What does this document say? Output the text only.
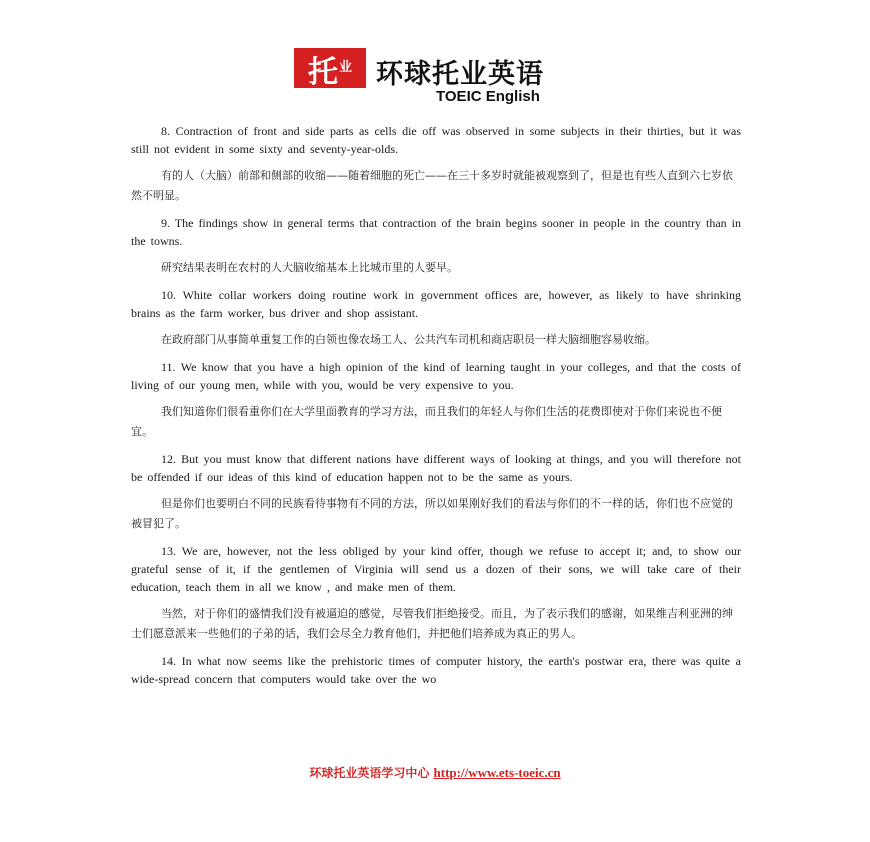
托$^业$ 环球托业英语
TOEIC English

8. Contraction of front and side parts as cells die off was observed in some subjects in their thirties, but it was still not evident in some sixty and seventy-year-olds.

有的人（大脑）前部和侧部的收缩——随着细胞的死亡——在三十多岁时就能被观察到了，但是也有些人直到六七岁依然不明显。

9. The findings show in general terms that contraction of the brain begins sooner in people in the country than in the towns.

研究结果表明在农村的人大脑收缩基本上比城市里的人要早。

10. White collar workers doing routine work in government offices are, however, as likely to have shrinking brains as the farm worker, bus driver and shop assistant.

在政府部门从事简单重复工作的白领也像农场工人、公共汽车司机和商店职员一样大脑细胞容易收缩。

11. We know that you have a high opinion of the kind of learning taught in your colleges, and that the costs of living of our young men, while with you, would be very expensive to you.

我们知道你们很看重你们在大学里面教育的学习方法，而且我们的年轻人与你们生活的花费即使对于你们来说也不便宜。

12. But you must know that different nations have different ways of looking at things, and you will therefore not be offended if our ideas of this kind of education happen not to be the same as yours.

但是你们也要明白不同的民族看待事物有不同的方法，所以如果刚好我们的看法与你们的不一样的话，你们也不应觉的被冒犯了。

13. We are, however, not the less obliged by your kind offer, though we refuse to accept it; and, to show our grateful sense of it, if the gentlemen of Virginia will send us a dozen of their sons, we will take care of their education, teach them in all we know , and make men of them.

当然，对于你们的盛情我们没有被逼迫的感觉，尽管我们拒绝接受。而且，为了表示我们的感谢，如果维吉利亚洲的绅士们愿意派来一些他们的子弟的话，我们会尽全力教育他们，并把他们培养成为真正的男人。

14. In what now seems like the prehistoric times of computer history, the earth's postwar era, there was quite a wide-spread concern that computers would take over the wo

环球托业英语学习中心 http://www.ets-toeic.cn
